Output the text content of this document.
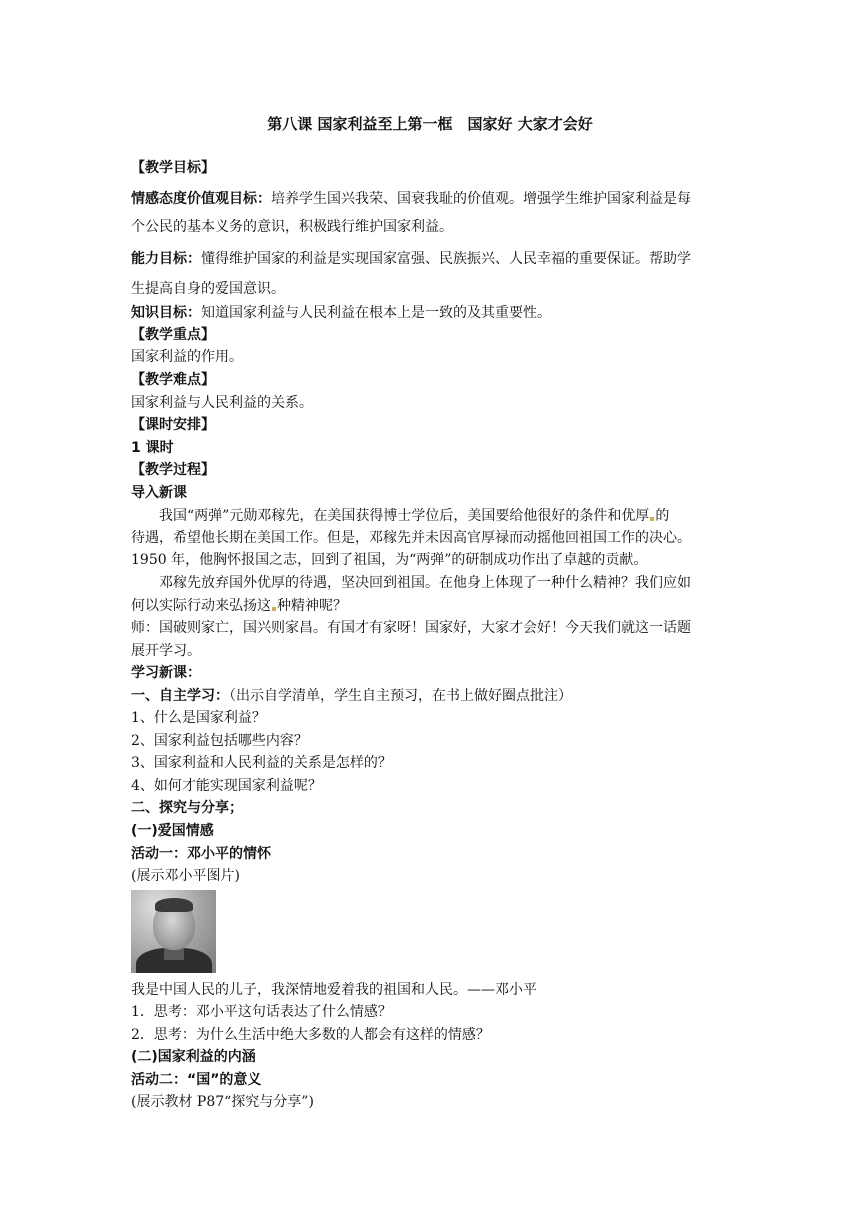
第八课 国家利益至上第一框　国家好 大家才会好
【教学目标】
情感态度价值观目标：培养学生国兴我荣、国衰我耻的价值观。增强学生维护国家利益是每
个公民的基本义务的意识，积极践行维护国家利益。
能力目标：懂得维护国家的利益是实现国家富强、民族振兴、人民幸福的重要保证。帮助学
生提高自身的爱国意识。
知识目标：知道国家利益与人民利益在根本上是一致的及其重要性。
【教学重点】
国家利益的作用。
【教学难点】
国家利益与人民利益的关系。
【课时安排】
1 课时
【教学过程】
导入新课
我国“两弹”元勋邓稼先，在美国获得博士学位后，美国要给他很好的条件和优厚 的
待遇，希望他长期在美国工作。但是，邓稼先并未因高官厚禄而动摇他回祖国工作的决心。
1950 年，他胸怀报国之志，回到了祖国，为“两弹”的研制成功作出了卓越的贡献。
邓稼先放弃国外优厚的待遇，坚决回到祖国。在他身上体现了一种什么精神？我们应如
何以实际行动来弘扬这 种精神呢？
师：国破则家亡，国兴则家昌。有国才有家呀！国家好，大家才会好！今天我们就这一话题
展开学习。
学习新课：
一、自主学习：（出示自学清单，学生自主预习，在书上做好圈点批注）
1、什么是国家利益？
2、国家利益包括哪些内容？
3、国家利益和人民利益的关系是怎样的？
4、如何才能实现国家利益呢？
二、探究与分享；
(一)爱国情感
活动一：邓小平的情怀
(展示邓小平图片)
我是中国人民的儿子，我深情地爱着我的祖国和人民。——邓小平
1．思考：邓小平这句话表达了什么情感？
2．思考：为什么生活中绝大多数的人都会有这样的情感？
(二)国家利益的内涵
活动二：“国”的意义
(展示教材 P87“探究与分享”)
